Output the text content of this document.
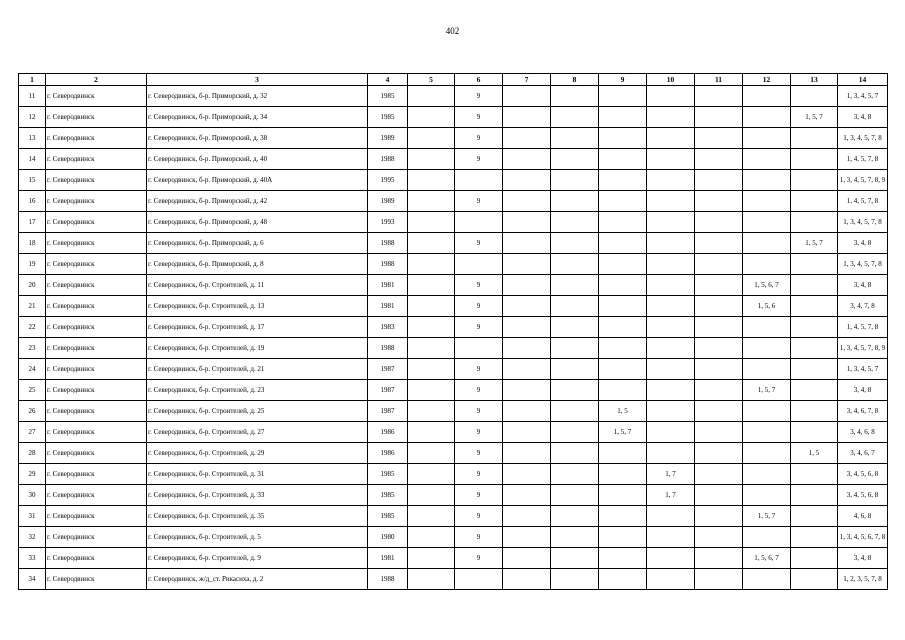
402
1	2	3	4	5	6	7	8	9	10	11	12	13	14
11	г. Северодвинск	г. Северодвинск, б-р. Приморский, д. 32	1985		9								1, 3, 4, 5, 7
12	г. Северодвинск	г. Северодвинск, б-р. Приморский, д. 34	1985		9							1, 5, 7	3, 4, 8
13	г. Северодвинск	г. Северодвинск, б-р. Приморский, д. 38	1989		9								1, 3, 4, 5, 7, 8
14	г. Северодвинск	г. Северодвинск, б-р. Приморский, д. 40	1988		9								1, 4, 5, 7, 8
15	г. Северодвинск	г. Северодвинск, б-р. Приморский, д. 40А	1995										1, 3, 4, 5, 7, 8, 9
16	г. Северодвинск	г. Северодвинск, б-р. Приморский, д. 42	1989		9								1, 4, 5, 7, 8
17	г. Северодвинск	г. Северодвинск, б-р. Приморский, д. 48	1993										1, 3, 4, 5, 7, 8
18	г. Северодвинск	г. Северодвинск, б-р. Приморский, д. 6	1988		9							1, 5, 7	3, 4, 8
19	г. Северодвинск	г. Северодвинск, б-р. Приморский, д. 8	1988										1, 3, 4, 5, 7, 8
20	г. Северодвинск	г. Северодвинск, б-р. Строителей, д. 11	1981		9						1, 5, 6, 7		3, 4, 8
21	г. Северодвинск	г. Северодвинск, б-р. Строителей, д. 13	1981		9						1, 5, 6		3, 4, 7, 8
22	г. Северодвинск	г. Северодвинск, б-р. Строителей, д. 17	1983		9								1, 4, 5, 7, 8
23	г. Северодвинск	г. Северодвинск, б-р. Строителей, д. 19	1988										1, 3, 4, 5, 7, 8, 9
24	г. Северодвинск	г. Северодвинск, б-р. Строителей, д. 21	1987		9								1, 3, 4, 5, 7
25	г. Северодвинск	г. Северодвинск, б-р. Строителей, д. 23	1987		9						1, 5, 7		3, 4, 8
26	г. Северодвинск	г. Северодвинск, б-р. Строителей, д. 25	1987		9			1, 5					3, 4, 6, 7, 8
27	г. Северодвинск	г. Северодвинск, б-р. Строителей, д. 27	1986		9			1, 5, 7					3, 4, 6, 8
28	г. Северодвинск	г. Северодвинск, б-р. Строителей, д. 29	1986		9							1, 5	3, 4, 6, 7
29	г. Северодвинск	г. Северодвинск, б-р. Строителей, д. 31	1985		9				1, 7				3, 4, 5, 6, 8
30	г. Северодвинск	г. Северодвинск, б-р. Строителей, д. 33	1985		9				1, 7				3, 4, 5, 6, 8
31	г. Северодвинск	г. Северодвинск, б-р. Строителей, д. 35	1985		9						1, 5, 7		4, 6, 8
32	г. Северодвинск	г. Северодвинск, б-р. Строителей, д. 5	1980		9								1, 3, 4, 5, 6, 7, 8
33	г. Северодвинск	г. Северодвинск, б-р. Строителей, д. 9	1981		9						1, 5, 6, 7		3, 4, 8
34	г. Северодвинск	г. Северодвинск, ж/д_ст. Рикасиха, д. 2	1988										1, 2, 3, 5, 7, 8
